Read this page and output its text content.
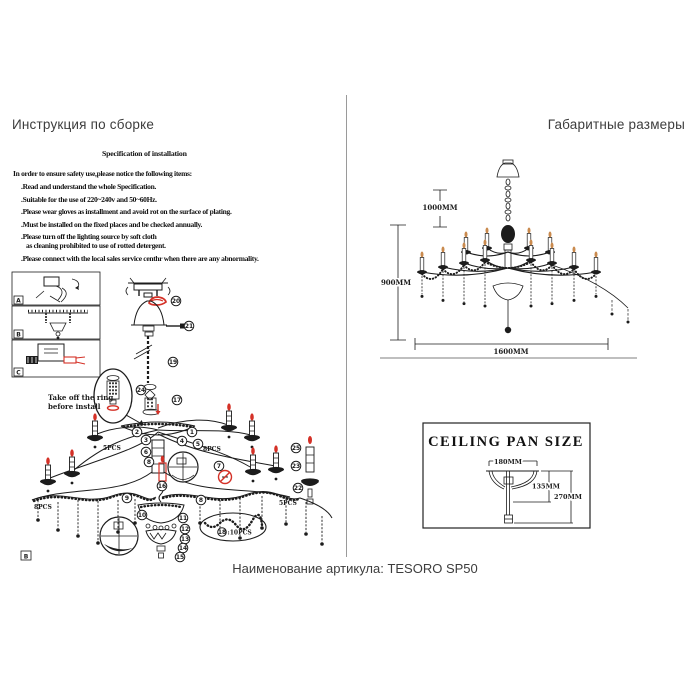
Инструкция по сборке	Габаритные размеры
Specification of installation
In order to ensure safety use,please notice the following items:
.Read and understand the whole Specification.
.Suitable for the use of 220~240v and 50~60Hz.
.Please wear gloves as installment and avoid rot on the surface of plating.
.Must be installed on the fixed places and be checked annually.
.Please turn off the lighting source by soft cloth
as cleaning prohibited to use of rotted detergent.
.Please connect with the local sales service centhr when there are any abnormality.
A
B
C
Take off the ring
before install
B
5PCS	8PCS
8PCS
5PCS
20
21
19
24
17
2	1
3	4 5
6
8
7
16
9	8
10	11
12
13
14
15
25
23
22
18 :10PCS
1000MM
900MM
1600MM
CEILING PAN SIZE
180MM
135MM
270MM
Наименование артикула: TESORO SP50
